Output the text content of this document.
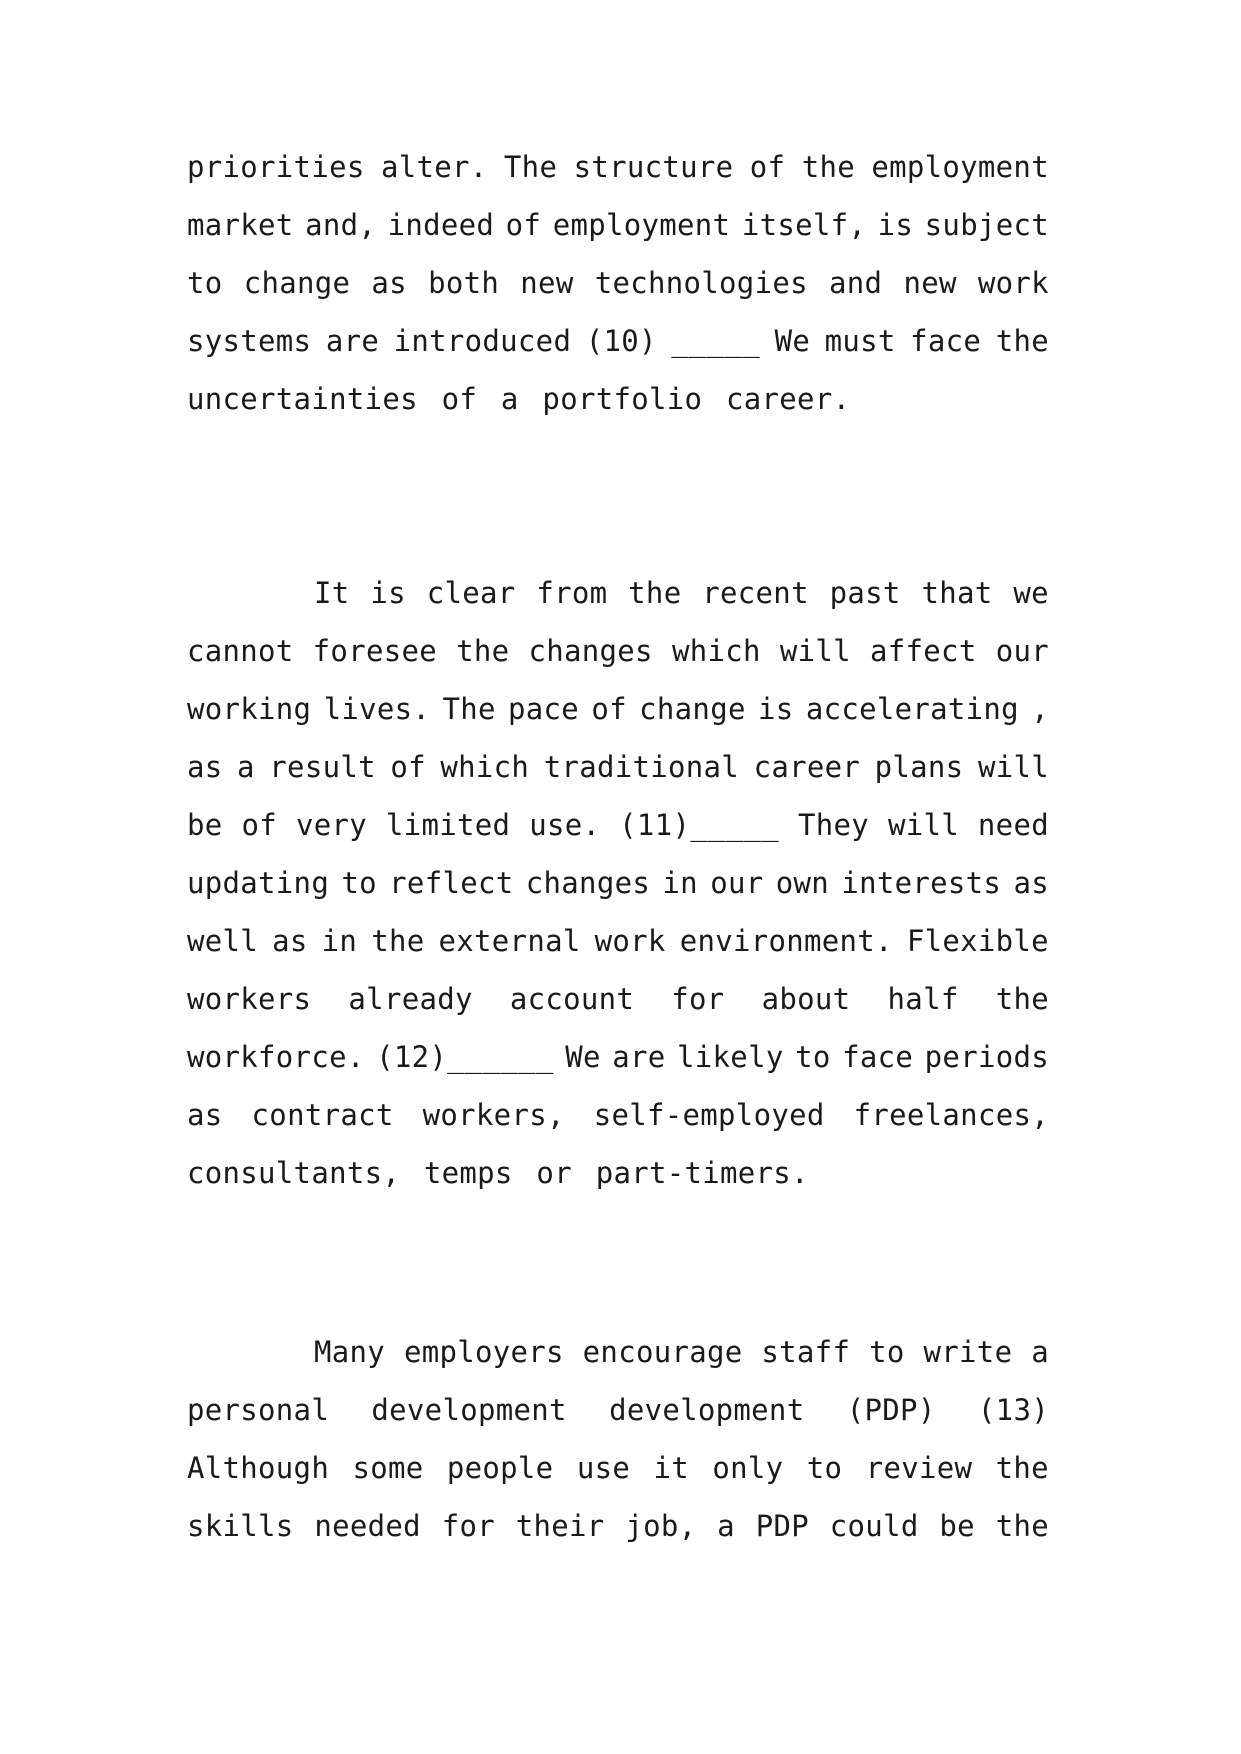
priorities alter. The structure of the employment
market and, indeed of employment itself, is subject
to change as both new technologies and new work
systems are introduced (10) _____ We must face the
uncertainties of a portfolio career.
It is clear from the recent past that we
cannot foresee the changes which will affect our
working lives. The pace of change is accelerating ,
as a result of which traditional career plans will
be of very limited use. (11)_____ They will need
updating to reflect changes in our own interests as
well as in the external work environment. Flexible
workers already account for about half the
workforce. (12)______ We are likely to face periods
as contract workers, self-employed freelances,
consultants, temps or part-timers.
Many employers encourage staff to write a
personal development development (PDP) (13)
Although some people use it only to review the
skills needed for their job, a PDP could be the
